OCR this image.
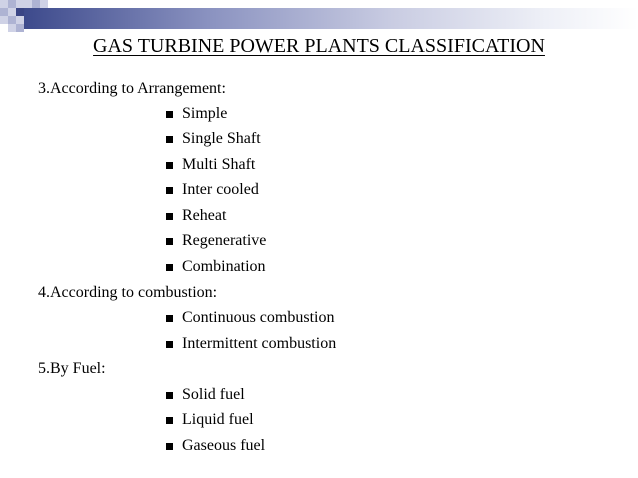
GAS TURBINE POWER PLANTS CLASSIFICATION
3.According to Arrangement:
Simple
Single Shaft
Multi Shaft
Inter cooled
Reheat
Regenerative
Combination
4.According to combustion:
Continuous combustion
Intermittent combustion
5.By Fuel:
Solid fuel
Liquid fuel
Gaseous fuel
